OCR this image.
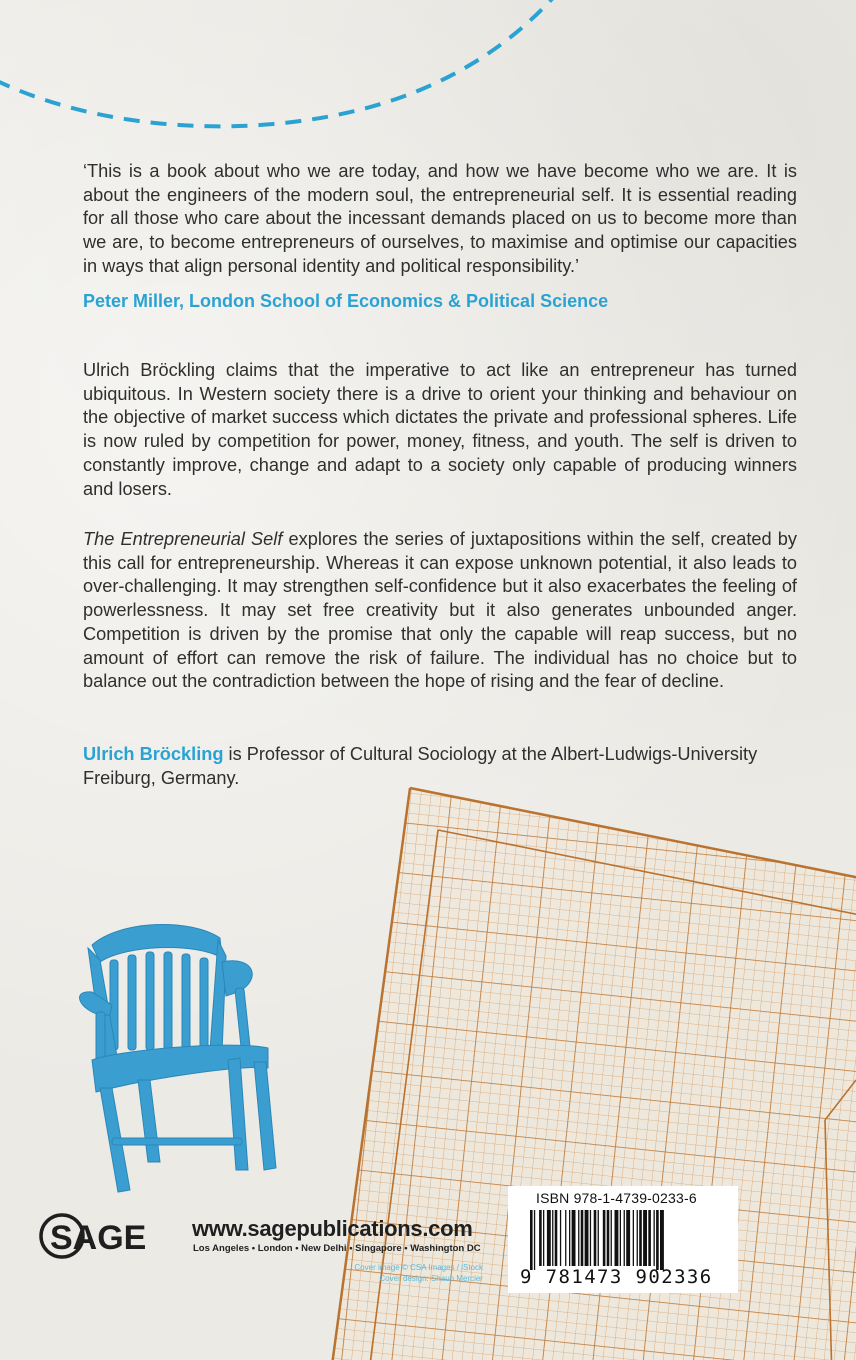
‘This is a book about who we are today, and how we have become who we are. It is about the engineers of the modern soul, the entrepreneurial self. It is essential reading for all those who care about the incessant demands placed on us to become more than we are, to become entrepreneurs of ourselves, to maximise and optimise our capacities in ways that align personal identity and political responsibility.’
Peter Miller, London School of Economics & Political Science
Ulrich Bröckling claims that the imperative to act like an entrepreneur has turned ubiquitous. In Western society there is a drive to orient your thinking and behaviour on the objective of market success which dictates the private and professional spheres. Life is now ruled by competition for power, money, fitness, and youth. The self is driven to constantly improve, change and adapt to a society only capable of producing winners and losers.
The Entrepreneurial Self explores the series of juxtapositions within the self, created by this call for entrepreneurship. Whereas it can expose unknown potential, it also leads to over-challenging. It may strengthen self-confidence but it also exacerbates the feeling of powerlessness. It may set free creativity but it also generates unbounded anger. Competition is driven by the promise that only the capable will reap success, but no amount of effort can remove the risk of failure. The individual has no choice but to balance out the contradiction between the hope of rising and the fear of decline.
Ulrich Bröckling is Professor of Cultural Sociology at the Albert-Ludwigs-University Freiburg, Germany.
SAGE www.sagepublications.com
Los Angeles • London • New Delhi • Singapore • Washington DC
Cover image © CSA Images / iStock
Cover design: Shaun Mercier
ISBN 978-1-4739-0233-6
9 781473 902336
